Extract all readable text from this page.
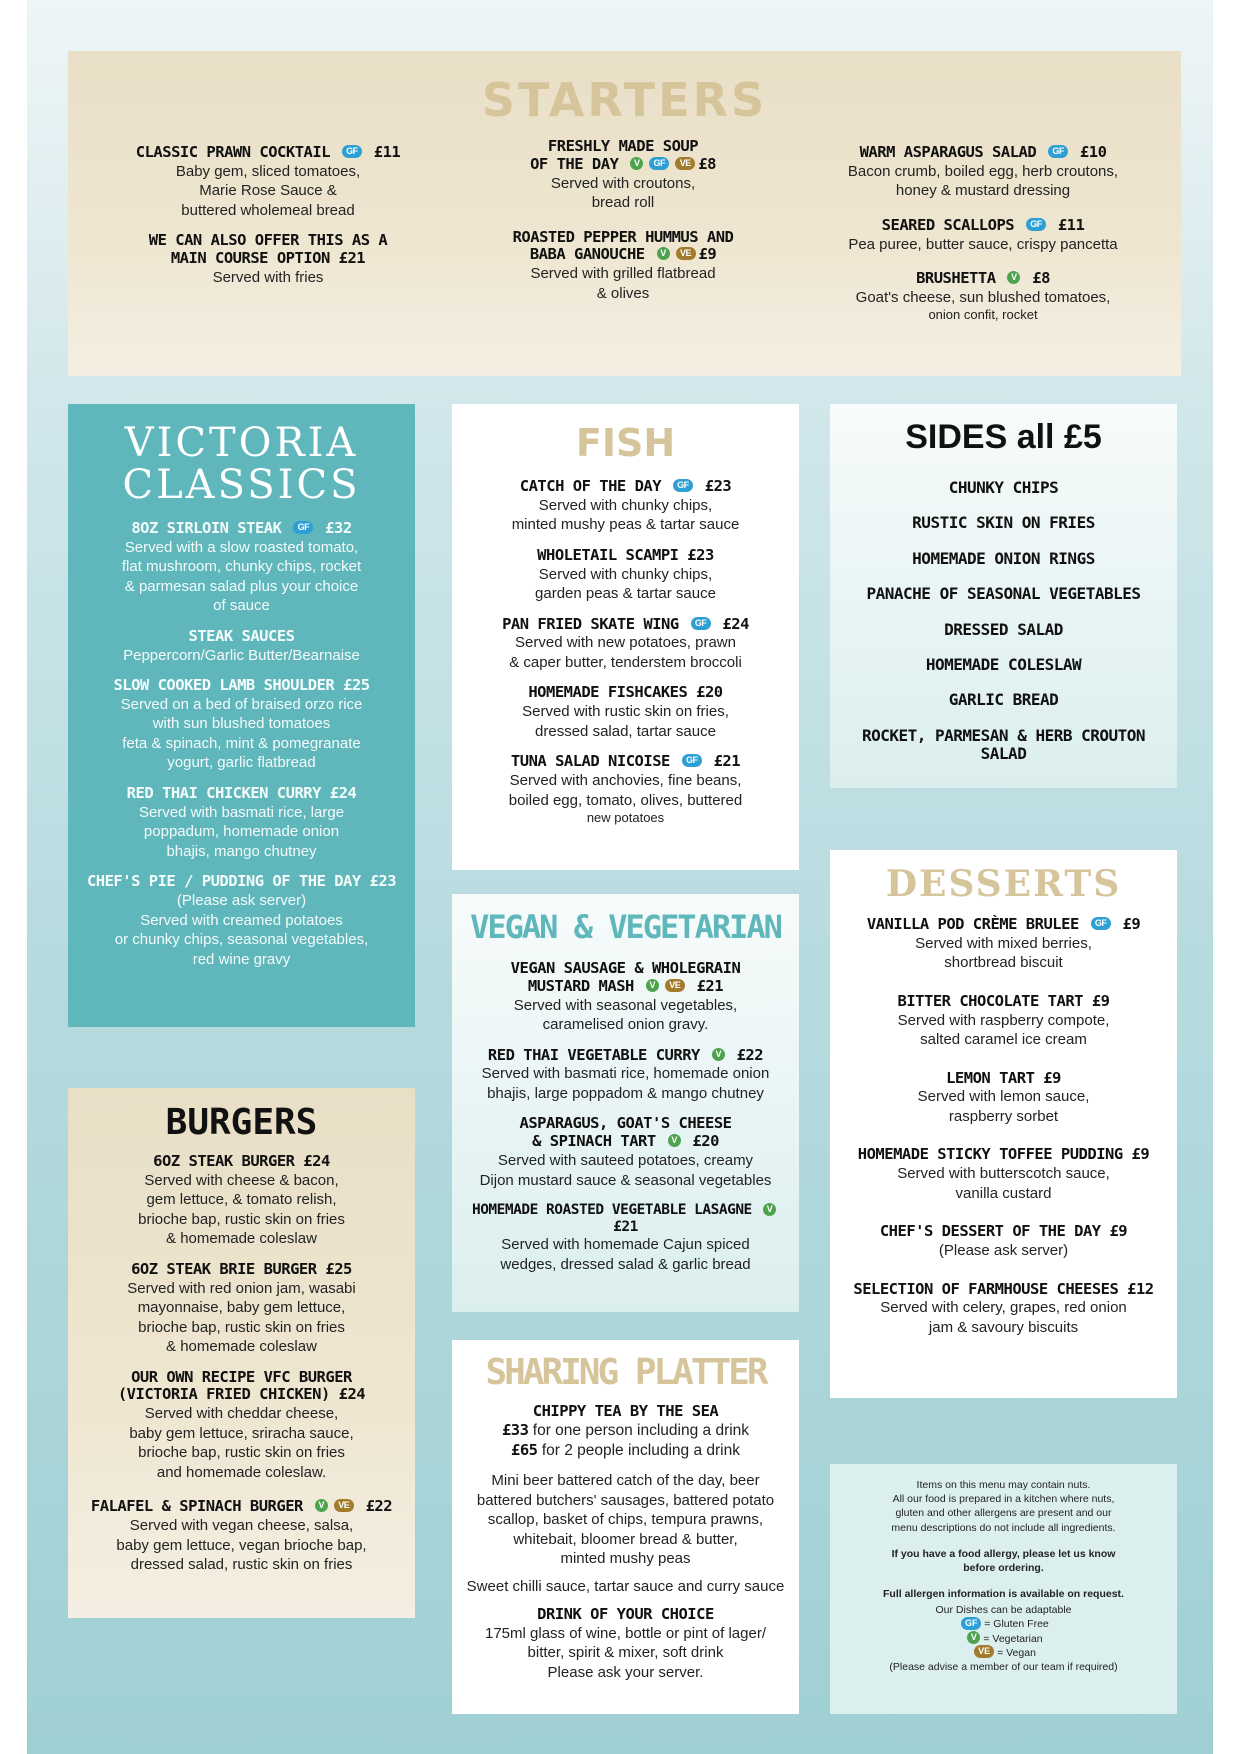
STARTERS
CLASSIC PRAWN COCKTAIL GF £11
Baby gem, sliced tomatoes,
Marie Rose Sauce &
buttered wholemeal bread
WE CAN ALSO OFFER THIS AS A
MAIN COURSE OPTION £21
Served with fries
FRESHLY MADE SOUP
OF THE DAY V GF VE £8
Served with croutons,
bread roll
ROASTED PEPPER HUMMUS AND
BABA GANOUCHE V VE £9
Served with grilled flatbread
& olives
WARM ASPARAGUS SALAD GF £10
Bacon crumb, boiled egg, herb croutons,
honey & mustard dressing
SEARED SCALLOPS GF £11
Pea puree, butter sauce, crispy pancetta
BRUSHETTA V £8
Goat's cheese, sun blushed tomatoes,
onion confit, rocket
VICTORIA
CLASSICS
8OZ SIRLOIN STEAK GF £32
Served with a slow roasted tomato,
flat mushroom, chunky chips, rocket
& parmesan salad plus your choice
of sauce
STEAK SAUCES
Peppercorn/Garlic Butter/Bearnaise
SLOW COOKED LAMB SHOULDER £25
Served on a bed of braised orzo rice
with sun blushed tomatoes
feta & spinach, mint & pomegranate
yogurt, garlic flatbread
RED THAI CHICKEN CURRY £24
Served with basmati rice, large
poppadum, homemade onion
bhajis, mango chutney
CHEF'S PIE / PUDDING OF THE DAY £23
(Please ask server)
Served with creamed potatoes
or chunky chips, seasonal vegetables,
red wine gravy
FISH
CATCH OF THE DAY GF £23
Served with chunky chips,
minted mushy peas & tartar sauce
WHOLETAIL SCAMPI £23
Served with chunky chips,
garden peas & tartar sauce
PAN FRIED SKATE WING GF £24
Served with new potatoes, prawn
& caper butter, tenderstem broccoli
HOMEMADE FISHCAKES £20
Served with rustic skin on fries,
dressed salad, tartar sauce
TUNA SALAD NICOISE GF £21
Served with anchovies, fine beans,
boiled egg, tomato, olives, buttered
new potatoes
SIDES all £5
CHUNKY CHIPS
RUSTIC SKIN ON FRIES
HOMEMADE ONION RINGS
PANACHE OF SEASONAL VEGETABLES
DRESSED SALAD
HOMEMADE COLESLAW
GARLIC BREAD
ROCKET, PARMESAN & HERB CROUTON SALAD
VEGAN & VEGETARIAN
VEGAN SAUSAGE & WHOLEGRAIN
MUSTARD MASH V VE £21
Served with seasonal vegetables,
caramelised onion gravy.
RED THAI VEGETABLE CURRY V £22
Served with basmati rice, homemade onion
bhajis, large poppadom & mango chutney
ASPARAGUS, GOAT'S CHEESE
& SPINACH TART V £20
Served with sauteed potatoes, creamy
Dijon mustard sauce & seasonal vegetables
HOMEMADE ROASTED VEGETABLE LASAGNE V £21
Served with homemade Cajun spiced
wedges, dressed salad & garlic bread
DESSERTS
VANILLA POD CRÈME BRULEE GF £9
Served with mixed berries,
shortbread biscuit
BITTER CHOCOLATE TART £9
Served with raspberry compote,
salted caramel ice cream
LEMON TART £9
Served with lemon sauce,
raspberry sorbet
HOMEMADE STICKY TOFFEE PUDDING £9
Served with butterscotch sauce,
vanilla custard
CHEF'S DESSERT OF THE DAY £9
(Please ask server)
SELECTION OF FARMHOUSE CHEESES £12
Served with celery, grapes, red onion
jam & savoury biscuits
BURGERS
6OZ STEAK BURGER £24
Served with cheese & bacon,
gem lettuce, & tomato relish,
brioche bap, rustic skin on fries
& homemade coleslaw
6OZ STEAK BRIE BURGER £25
Served with red onion jam, wasabi
mayonnaise, baby gem lettuce,
brioche bap, rustic skin on fries
& homemade coleslaw
OUR OWN RECIPE VFC BURGER
(VICTORIA FRIED CHICKEN) £24
Served with cheddar cheese,
baby gem lettuce, sriracha sauce,
brioche bap, rustic skin on fries
and homemade coleslaw.
FALAFEL & SPINACH BURGER V VE £22
Served with vegan cheese, salsa,
baby gem lettuce, vegan brioche bap,
dressed salad, rustic skin on fries
SHARING PLATTER
CHIPPY TEA BY THE SEA
£33 for one person including a drink
£65 for 2 people including a drink
Mini beer battered catch of the day, beer
battered butchers' sausages, battered potato
scallop, basket of chips, tempura prawns,
whitebait, bloomer bread & butter,
minted mushy peas
Sweet chilli sauce, tartar sauce and curry sauce
DRINK OF YOUR CHOICE
175ml glass of wine, bottle or pint of lager/
bitter, spirit & mixer, soft drink
Please ask your server.
Items on this menu may contain nuts.
All our food is prepared in a kitchen where nuts,
gluten and other allergens are present and our
menu descriptions do not include all ingredients.
If you have a food allergy, please let us know
before ordering.
Full allergen information is available on request.
Our Dishes can be adaptable
GF = Gluten Free
V = Vegetarian
VE = Vegan
(Please advise a member of our team if required)
